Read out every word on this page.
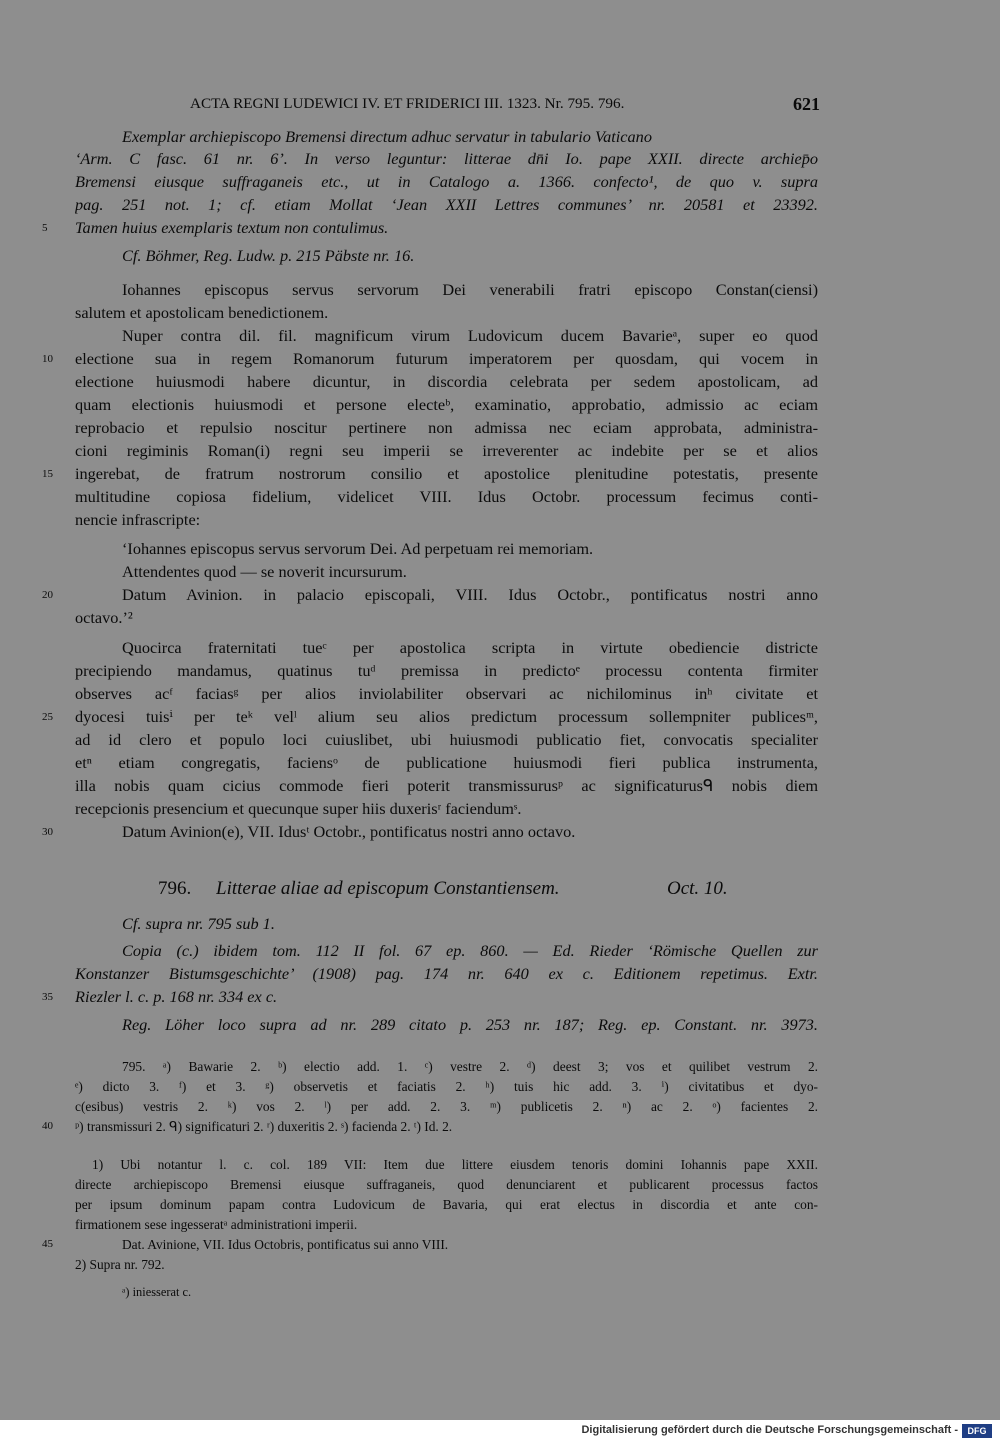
ACTA REGNI LUDEWICI IV. ET FRIDERICI III. 1323. Nr. 795. 796.	621
Exemplar archiepiscopo Bremensi directum adhuc servatur in tabulario Vaticano
‘Arm. C fasc. 61 nr. 6’. In verso leguntur: litterae dn̄i Io. pape XXII. directe archiep̄o
Bremensi eiusque suffraganeis etc., ut in Catalogo a. 1366. confecto¹, de quo v. supra
pag. 251 not. 1; cf. etiam Mollat ‘Jean XXII Lettres communes’ nr. 20581 et 23392.
5	Tamen huius exemplaris textum non contulimus.
Cf. Böhmer, Reg. Ludw. p. 215 Päbste nr. 16.
Iohannes episcopus servus servorum Dei venerabili fratri episcopo Constan(ciensi)
salutem et apostolicam benedictionem.
Nuper contra dil. fil. magnificum virum Ludovicum ducem Bavarieᵃ, super eo quod
10	electione sua in regem Romanorum futurum imperatorem per quosdam, qui vocem in
electione huiusmodi habere dicuntur, in discordia celebrata per sedem apostolicam, ad
quam electionis huiusmodi et persone electeᵇ, examinatio, approbatio, admissio ac eciam
reprobacio et repulsio noscitur pertinere non admissa nec eciam approbata, administra-
cioni regiminis Roman(i) regni seu imperii se irreverenter ac indebite per se et alios
15	ingerebat, de fratrum nostrorum consilio et apostolice plenitudine potestatis, presente
multitudine copiosa fidelium, videlicet VIII. Idus Octobr. processum fecimus conti-
nencie infrascripte:
‘Iohannes episcopus servus servorum Dei. Ad perpetuam rei memoriam.
Attendentes quod — se noverit incursurum.
20	Datum Avinion. in palacio episcopali, VIII. Idus Octobr., pontificatus nostri anno
octavo.’²
Quocirca fraternitati tueᶜ per apostolica scripta in virtute obediencie districte
precipiendo mandamus, quatinus tuᵈ premissa in predictoᵉ processu contenta firmiter
observes acᶠ faciasᵍ per alios inviolabiliter observari ac nichilominus inʰ civitate et
25	dyocesi tuisⁱ per teᵏ velˡ alium seu alios predictum processum sollempniter publicesᵐ,
ad id clero et populo loci cuiuslibet, ubi huiusmodi publicatio fiet, convocatis specialiter
etⁿ etiam congregatis, faciensᵒ de publicatione huiusmodi fieri publica instrumenta,
illa nobis quam cicius commode fieri poterit transmissurusᵖ ac significaturusᑫ nobis diem
recepcionis presencium et quecunque super hiis duxerisʳ faciendumˢ.
30	Datum Avinion(e), VII. Idusᵗ Octobr., pontificatus nostri anno octavo.
796.	Litterae aliae ad episcopum Constantiensem.	Oct. 10.
Cf. supra nr. 795 sub 1.
Copia (c.) ibidem tom. 112 II fol. 67 ep. 860. — Ed. Rieder ‘Römische Quellen zur
Konstanzer Bistumsgeschichte’ (1908) pag. 174 nr. 640 ex c. Editionem repetimus. Extr.
35	Riezler l. c. p. 168 nr. 334 ex c.
Reg. Löher loco supra ad nr. 289 citato p. 253 nr. 187; Reg. ep. Constant. nr. 3973.
795. ᵃ) Bawarie 2. ᵇ) electio add. 1. ᶜ) vestre 2. ᵈ) deest 3; vos et quilibet vestrum 2.
ᵉ) dicto 3. ᶠ) et 3. ᵍ) observetis et faciatis 2. ʰ) tuis hic add. 3. ⁱ) civitatibus et dyo-
c(esibus) vestris 2. ᵏ) vos 2. ˡ) per add. 2. 3. ᵐ) publicetis 2. ⁿ) ac 2. ᵒ) facientes 2.
40	ᵖ) transmissuri 2. ᑫ) significaturi 2. ʳ) duxeritis 2. ˢ) facienda 2. ᵗ) Id. 2.
1) Ubi notantur l. c. col. 189 VII: Item due littere eiusdem tenoris domini Iohannis pape XXII.
directe archiepiscopo Bremensi eiusque suffraganeis, quod denunciarent et publicarent processus factos
per ipsum dominum papam contra Ludovicum de Bavaria, qui erat electus in discordia et ante con-
firmationem sese ingesseratᵃ administrationi imperii.
45	Dat. Avinione, VII. Idus Octobris, pontificatus sui anno VIII.
2) Supra nr. 792.
ᵃ) iniesserat c.
Digitalisierung gefördert durch die Deutsche Forschungsgemeinschaft -	DFG
